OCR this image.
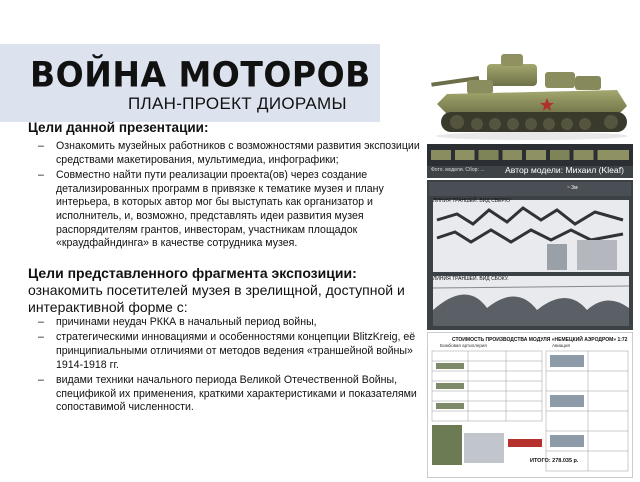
ВОЙНА МОТОРОВ
ПЛАН-ПРОЕКТ ДИОРАМЫ
Цели данной презентации:
– Ознакомить музейных работников с возможностями развития экспозиции средствами макетирования, мультимедиа, инфографики;
– Совместно найти пути реализации проекта(ов) через создание детализированных программ в привязке к тематике музея и плану интерьера, в которых автор мог бы выступать как организатор и исполнитель, и, возможно, представлять идеи развития музея распорядителям грантов, инвесторам, участникам площадок «краудфайндинга» в качестве сотрудника музея.
Цели представленного фрагмента экспозиции:
ознакомить посетителей музея в зрелищной, доступной и интерактивной форме с:
– причинами неудач РККА в начальный период войны,
– стратегическими инновациями и особенностями концепции BlitzKreig, её принципиальными отличиями от методов ведения «траншейной войны» 1914-1918 гг.
– видами техники начального периода Великой Отечественной Войны, спецификой их применения, краткими характеристиками и показателями сопоставимой численности.
Фото. модели. Сбор: ... Автор модели: Михаил (Kleaf)
ЛИНИЯ ТРАНШЕЙ. ВИД СВЕРХУ
ЛИНИЯ ТРАНШЕЙ. ВИД СБОКУ.
~ 3м
СТОИМОСТЬ ПРОИЗВОДСТВА МОДУЛЯ «НЕМЕЦКИЙ АЭРОДРОМ» 1:72
Бомбовая артиллерия	Авиация
ИТОГО: 278.035 р.
